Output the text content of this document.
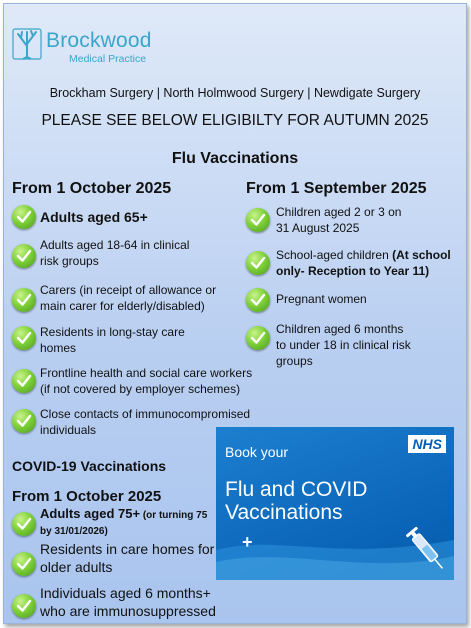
Brockwood
Medical Practice
Brockham Surgery | North Holmwood Surgery | Newdigate Surgery
PLEASE SEE BELOW ELIGIBILTY FOR AUTUMN 2025
Flu Vaccinations
From 1 October 2025	From 1 September 2025
Adults aged 65+
Adults aged 18-64 in clinical
risk groups
Carers (in receipt of allowance or
main carer for elderly/disabled)
Residents in long-stay care
homes
Frontline health and social care workers
(if not covered by employer schemes)
Close contacts of immunocompromised
individuals
Children aged 2 or 3 on
31 August 2025
School-aged children (At school
only- Reception to Year 11)
Pregnant women
Children aged 6 months
to under 18 in clinical risk
groups
COVID-19 Vaccinations
From 1 October 2025
Adults aged 75+ (or turning 75
by 31/01/2026)
Residents in care homes for
older adults
Individuals aged 6 months+
who are immunosuppressed
NHS
Book your
Flu and COVID
Vaccinations
+
